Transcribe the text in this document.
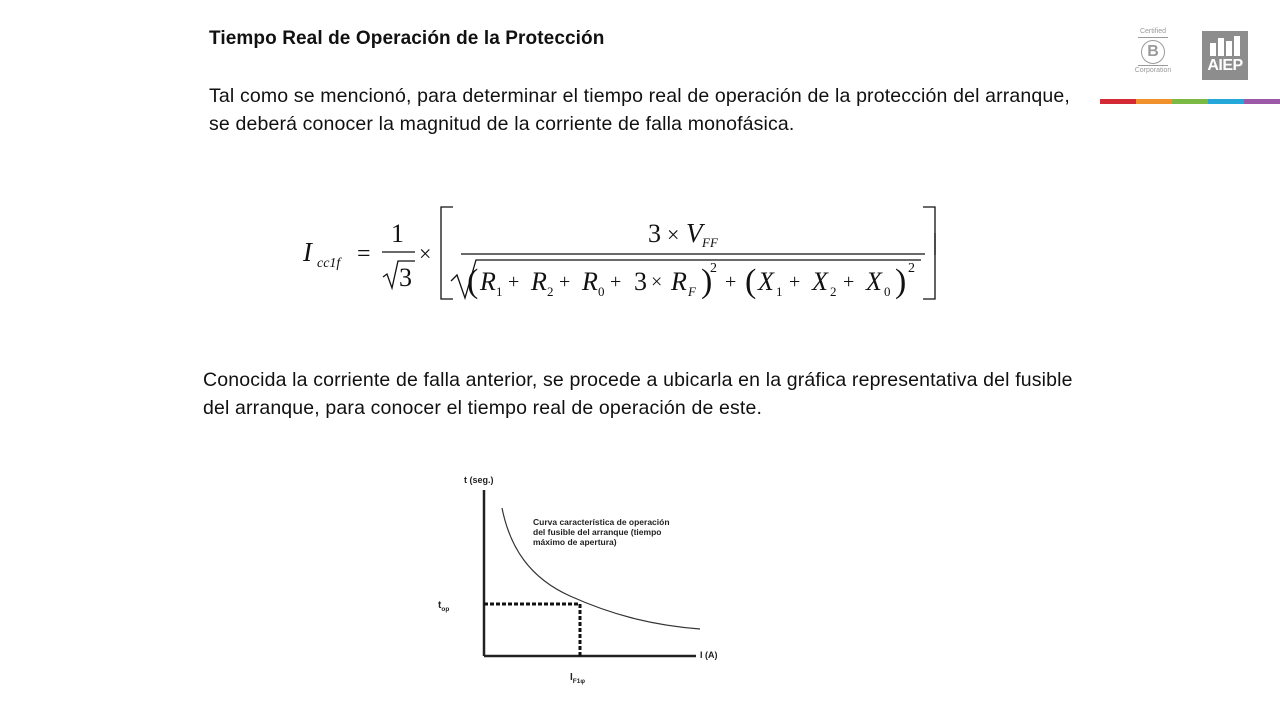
Tiempo Real de Operación de la Protección
Tal como se mencionó, para determinar el tiempo real de operación de la protección del arranque, se deberá conocer la magnitud de la corriente de falla monofásica.
Conocida la corriente de falla anterior, se procede a ubicarla en la gráfica representativa del fusible del arranque, para conocer el tiempo real de operación de este.
Certified
B
Corporation	AIEP
I cc1f =
1
3
×
3 × V FF
( R 1 + R 2 + R 0 + 3 × R F )
2
+ ( X 1 + X 2 + X 0 ) 2
t (seg.)
I (A)
Curva característica de operación
del fusible del arranque (tiempo
máximo de apertura)
$t_{op}$
$I_{F1\varphi}$
